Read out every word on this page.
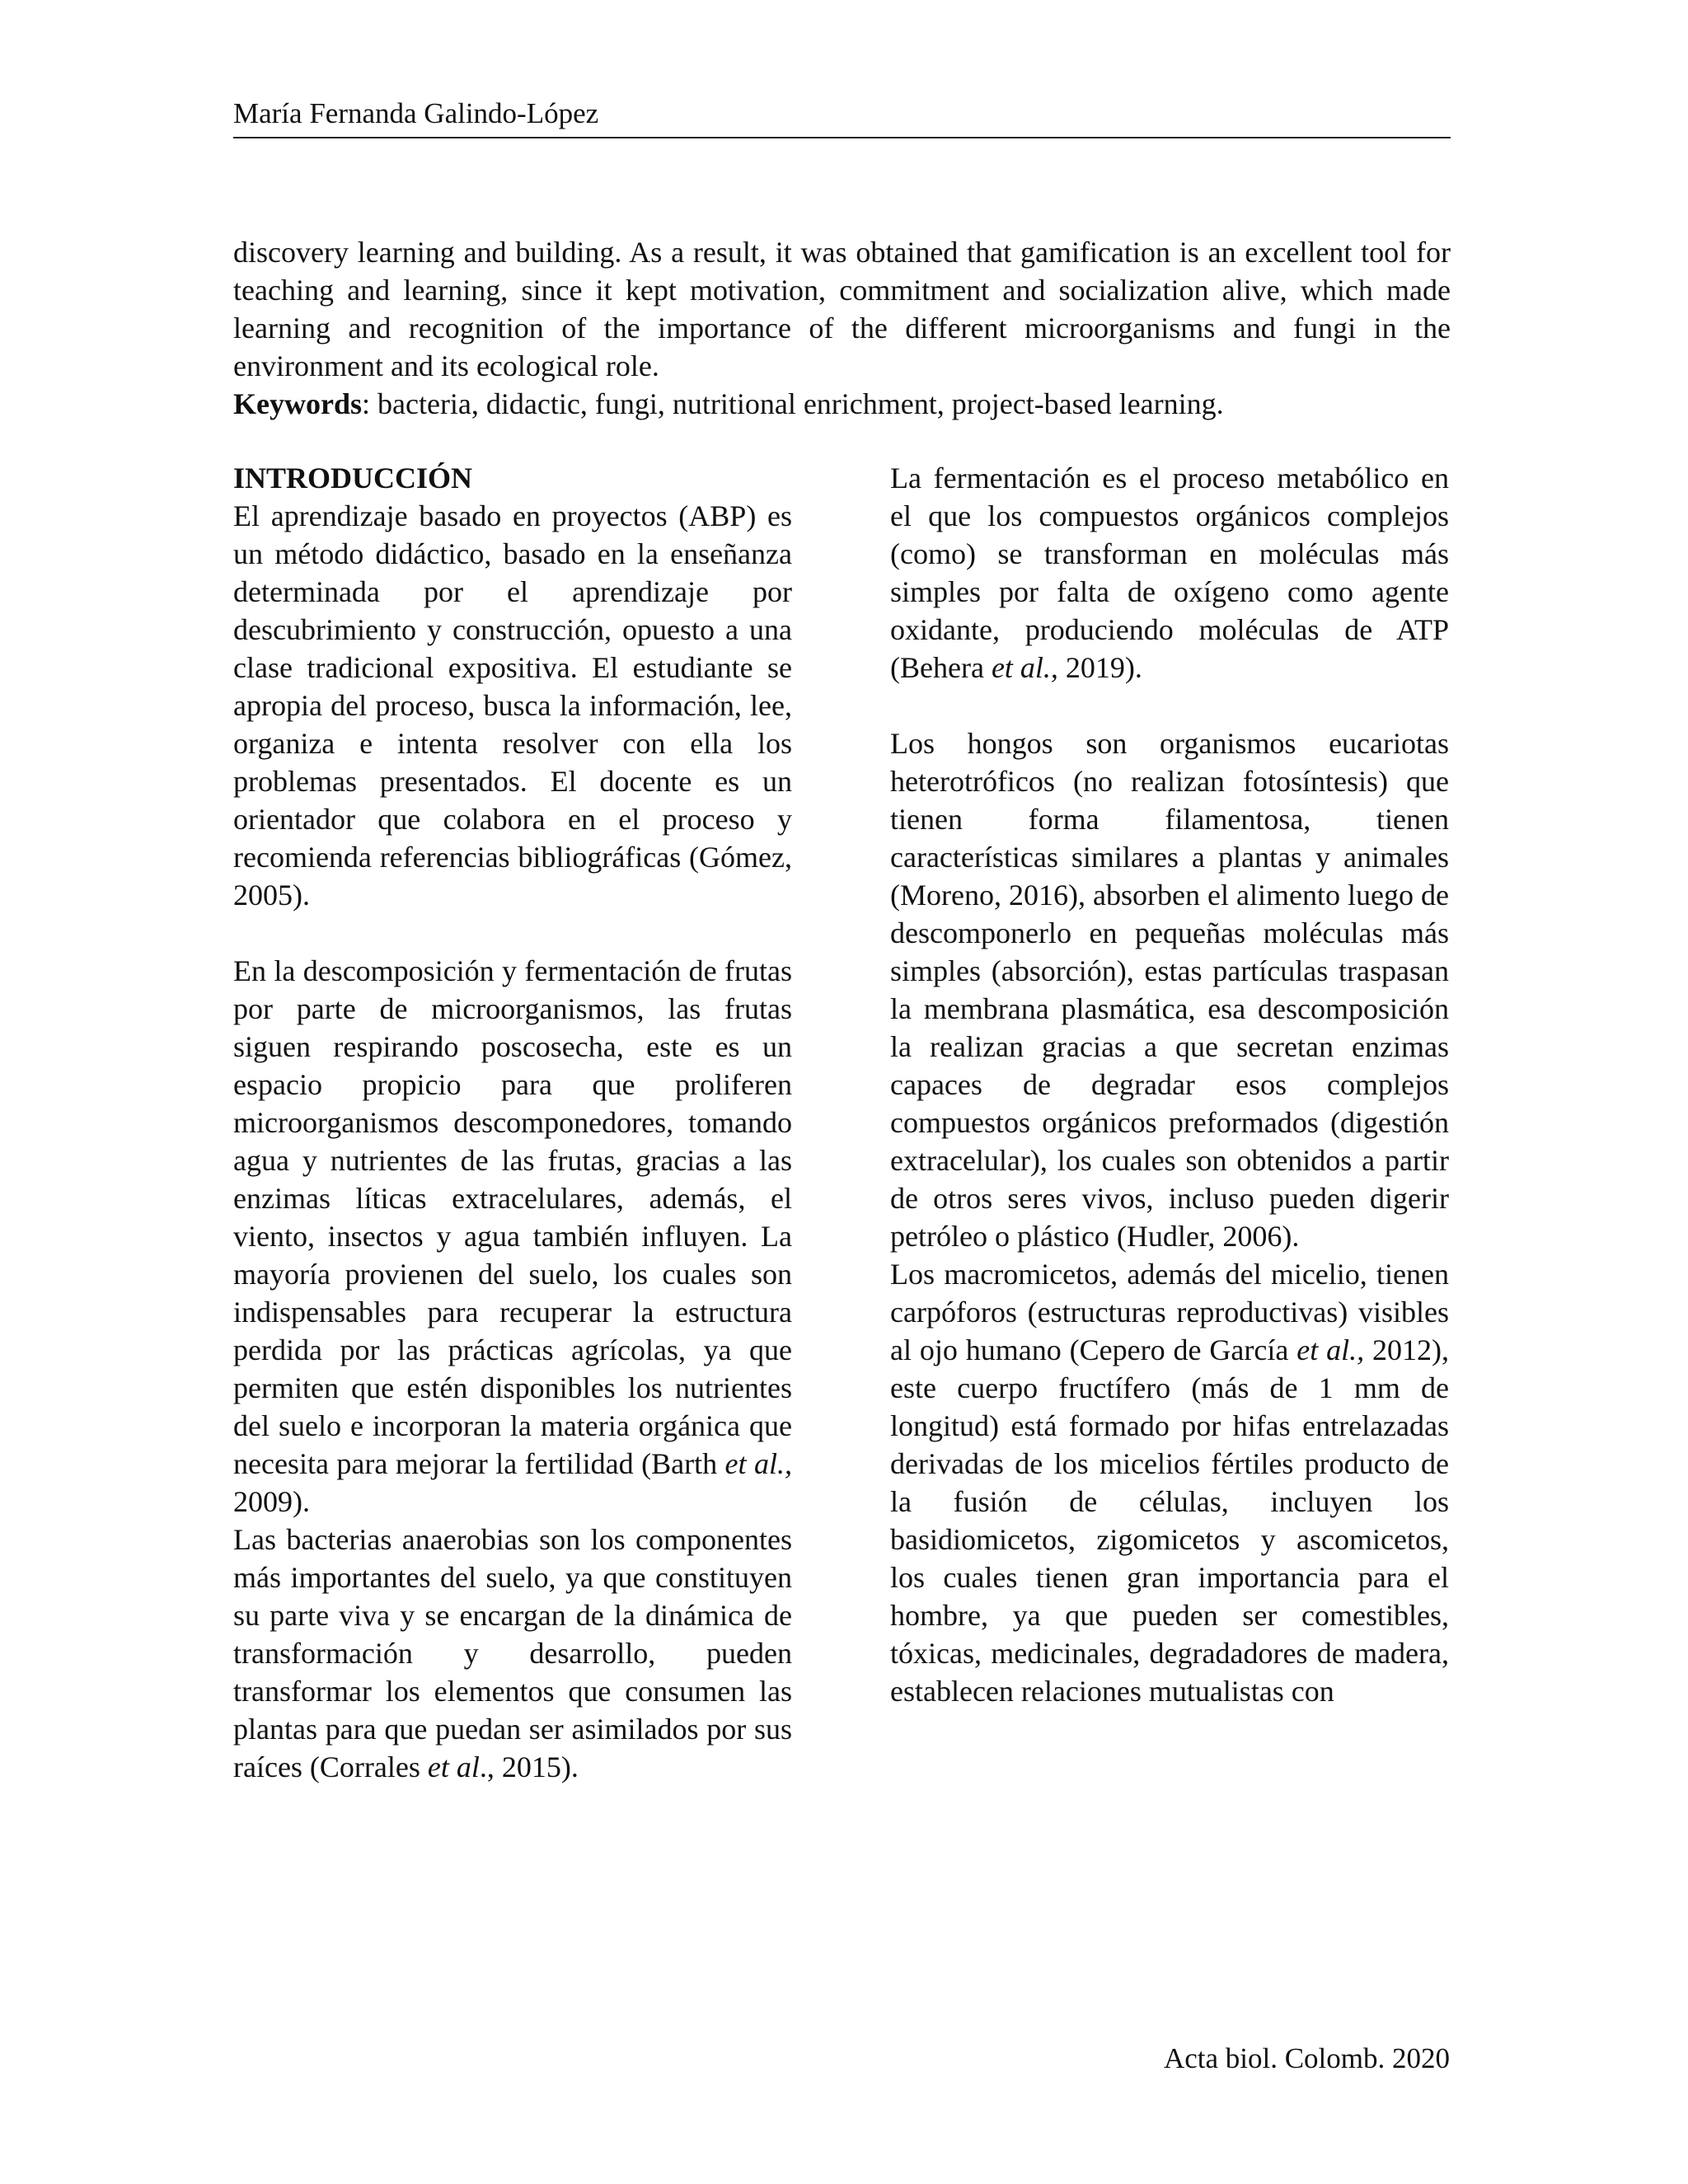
María Fernanda Galindo-López

discovery learning and building. As a result, it was obtained that gamification is an excellent tool for teaching and learning, since it kept motivation, commitment and socialization alive, which made learning and recognition of the importance of the different microorganisms and fungi in the environment and its ecological role.

Keywords: bacteria, didactic, fungi, nutritional enrichment, project-based learning.

INTRODUCCIÓN

El aprendizaje basado en proyectos (ABP) es un método didáctico, basado en la enseñanza determinada por el aprendizaje por descubrimiento y construcción, opuesto a una clase tradicional expositiva. El estudiante se apropia del proceso, busca la información, lee, organiza e intenta resolver con ella los problemas presentados. El docente es un orientador que colabora en el proceso y recomienda referencias bibliográficas (Gómez, 2005).

En la descomposición y fermentación de frutas por parte de microorganismos, las frutas siguen respirando poscosecha, este es un espacio propicio para que proliferen microorganismos descomponedores, tomando agua y nutrientes de las frutas, gracias a las enzimas líticas extracelulares, además, el viento, insectos y agua también influyen. La mayoría provienen del suelo, los cuales son indispensables para recuperar la estructura perdida por las prácticas agrícolas, ya que permiten que estén disponibles los nutrientes del suelo e incorporan la materia orgánica que necesita para mejorar la fertilidad (Barth et al., 2009).

Las bacterias anaerobias son los componentes más importantes del suelo, ya que constituyen su parte viva y se encargan de la dinámica de transformación y desarrollo, pueden transformar los elementos que consumen las plantas para que puedan ser asimilados por sus raíces (Corrales et al., 2015).

La fermentación es el proceso metabólico en el que los compuestos orgánicos complejos (como) se transforman en moléculas más simples por falta de oxígeno como agente oxidante, produciendo moléculas de ATP (Behera et al., 2019).

Los hongos son organismos eucariotas heterotróficos (no realizan fotosíntesis) que tienen forma filamentosa, tienen características similares a plantas y animales (Moreno, 2016), absorben el alimento luego de descomponerlo en pequeñas moléculas más simples (absorción), estas partículas traspasan la membrana plasmática, esa descomposición la realizan gracias a que secretan enzimas capaces de degradar esos complejos compuestos orgánicos preformados (digestión extracelular), los cuales son obtenidos a partir de otros seres vivos, incluso pueden digerir petróleo o plástico (Hudler, 2006).

Los macromicetos, además del micelio, tienen carpóforos (estructuras reproductivas) visibles al ojo humano (Cepero de García et al., 2012), este cuerpo fructífero (más de 1 mm de longitud) está formado por hifas entrelazadas derivadas de los micelios fértiles producto de la fusión de células, incluyen los basidiomicetos, zigomicetos y ascomicetos, los cuales tienen gran importancia para el hombre, ya que pueden ser comestibles, tóxicas, medicinales, degradadores de madera, establecen relaciones mutualistas con

Acta biol. Colomb. 2020
